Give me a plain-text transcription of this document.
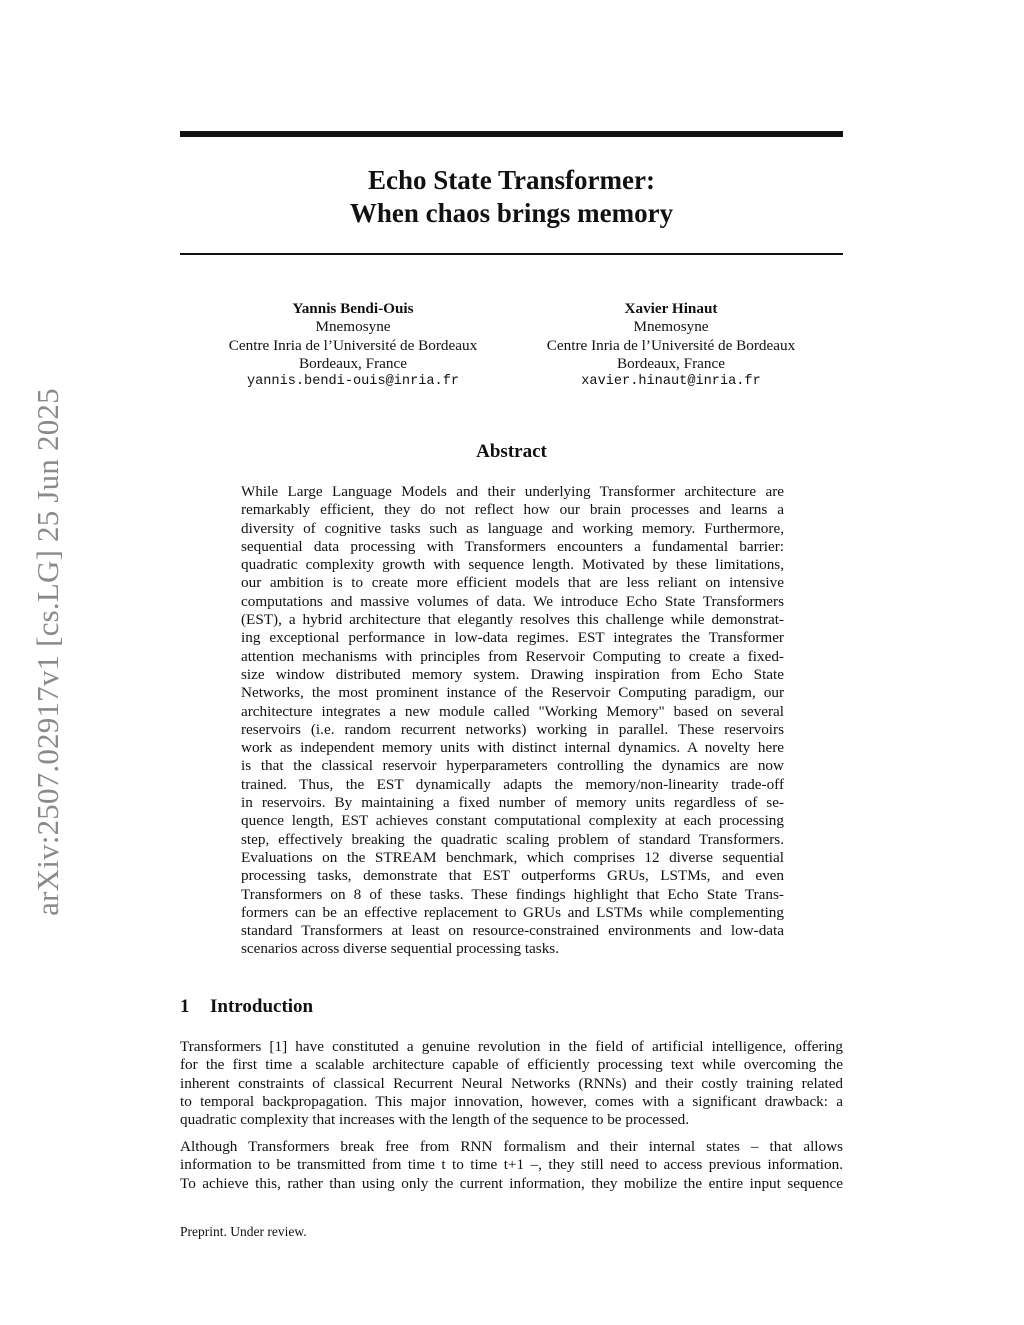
arXiv:2507.02917v1 [cs.LG] 25 Jun 2025
Echo State Transformer:
When chaos brings memory
Yannis Bendi-Ouis
Mnemosyne
Centre Inria de l’Université de Bordeaux
Bordeaux, France
yannis.bendi-ouis@inria.fr
Xavier Hinaut
Mnemosyne
Centre Inria de l’Université de Bordeaux
Bordeaux, France
xavier.hinaut@inria.fr
Abstract
While Large Language Models and their underlying Transformer architecture are
remarkably efficient, they do not reflect how our brain processes and learns a
diversity of cognitive tasks such as language and working memory. Furthermore,
sequential data processing with Transformers encounters a fundamental barrier:
quadratic complexity growth with sequence length. Motivated by these limitations,
our ambition is to create more efficient models that are less reliant on intensive
computations and massive volumes of data. We introduce Echo State Transformers
(EST), a hybrid architecture that elegantly resolves this challenge while demonstrat-
ing exceptional performance in low-data regimes. EST integrates the Transformer
attention mechanisms with principles from Reservoir Computing to create a fixed-
size window distributed memory system. Drawing inspiration from Echo State
Networks, the most prominent instance of the Reservoir Computing paradigm, our
architecture integrates a new module called "Working Memory" based on several
reservoirs (i.e. random recurrent networks) working in parallel. These reservoirs
work as independent memory units with distinct internal dynamics. A novelty here
is that the classical reservoir hyperparameters controlling the dynamics are now
trained. Thus, the EST dynamically adapts the memory/non-linearity trade-off
in reservoirs. By maintaining a fixed number of memory units regardless of se-
quence length, EST achieves constant computational complexity at each processing
step, effectively breaking the quadratic scaling problem of standard Transformers.
Evaluations on the STREAM benchmark, which comprises 12 diverse sequential
processing tasks, demonstrate that EST outperforms GRUs, LSTMs, and even
Transformers on 8 of these tasks. These findings highlight that Echo State Trans-
formers can be an effective replacement to GRUs and LSTMs while complementing
standard Transformers at least on resource-constrained environments and low-data
scenarios across diverse sequential processing tasks.
1 Introduction
Transformers [1] have constituted a genuine revolution in the field of artificial intelligence, offering
for the first time a scalable architecture capable of efficiently processing text while overcoming the
inherent constraints of classical Recurrent Neural Networks (RNNs) and their costly training related
to temporal backpropagation. This major innovation, however, comes with a significant drawback: a
quadratic complexity that increases with the length of the sequence to be processed.
Although Transformers break free from RNN formalism and their internal states – that allows
information to be transmitted from time t to time t+1 –, they still need to access previous information.
To achieve this, rather than using only the current information, they mobilize the entire input sequence
Preprint. Under review.
